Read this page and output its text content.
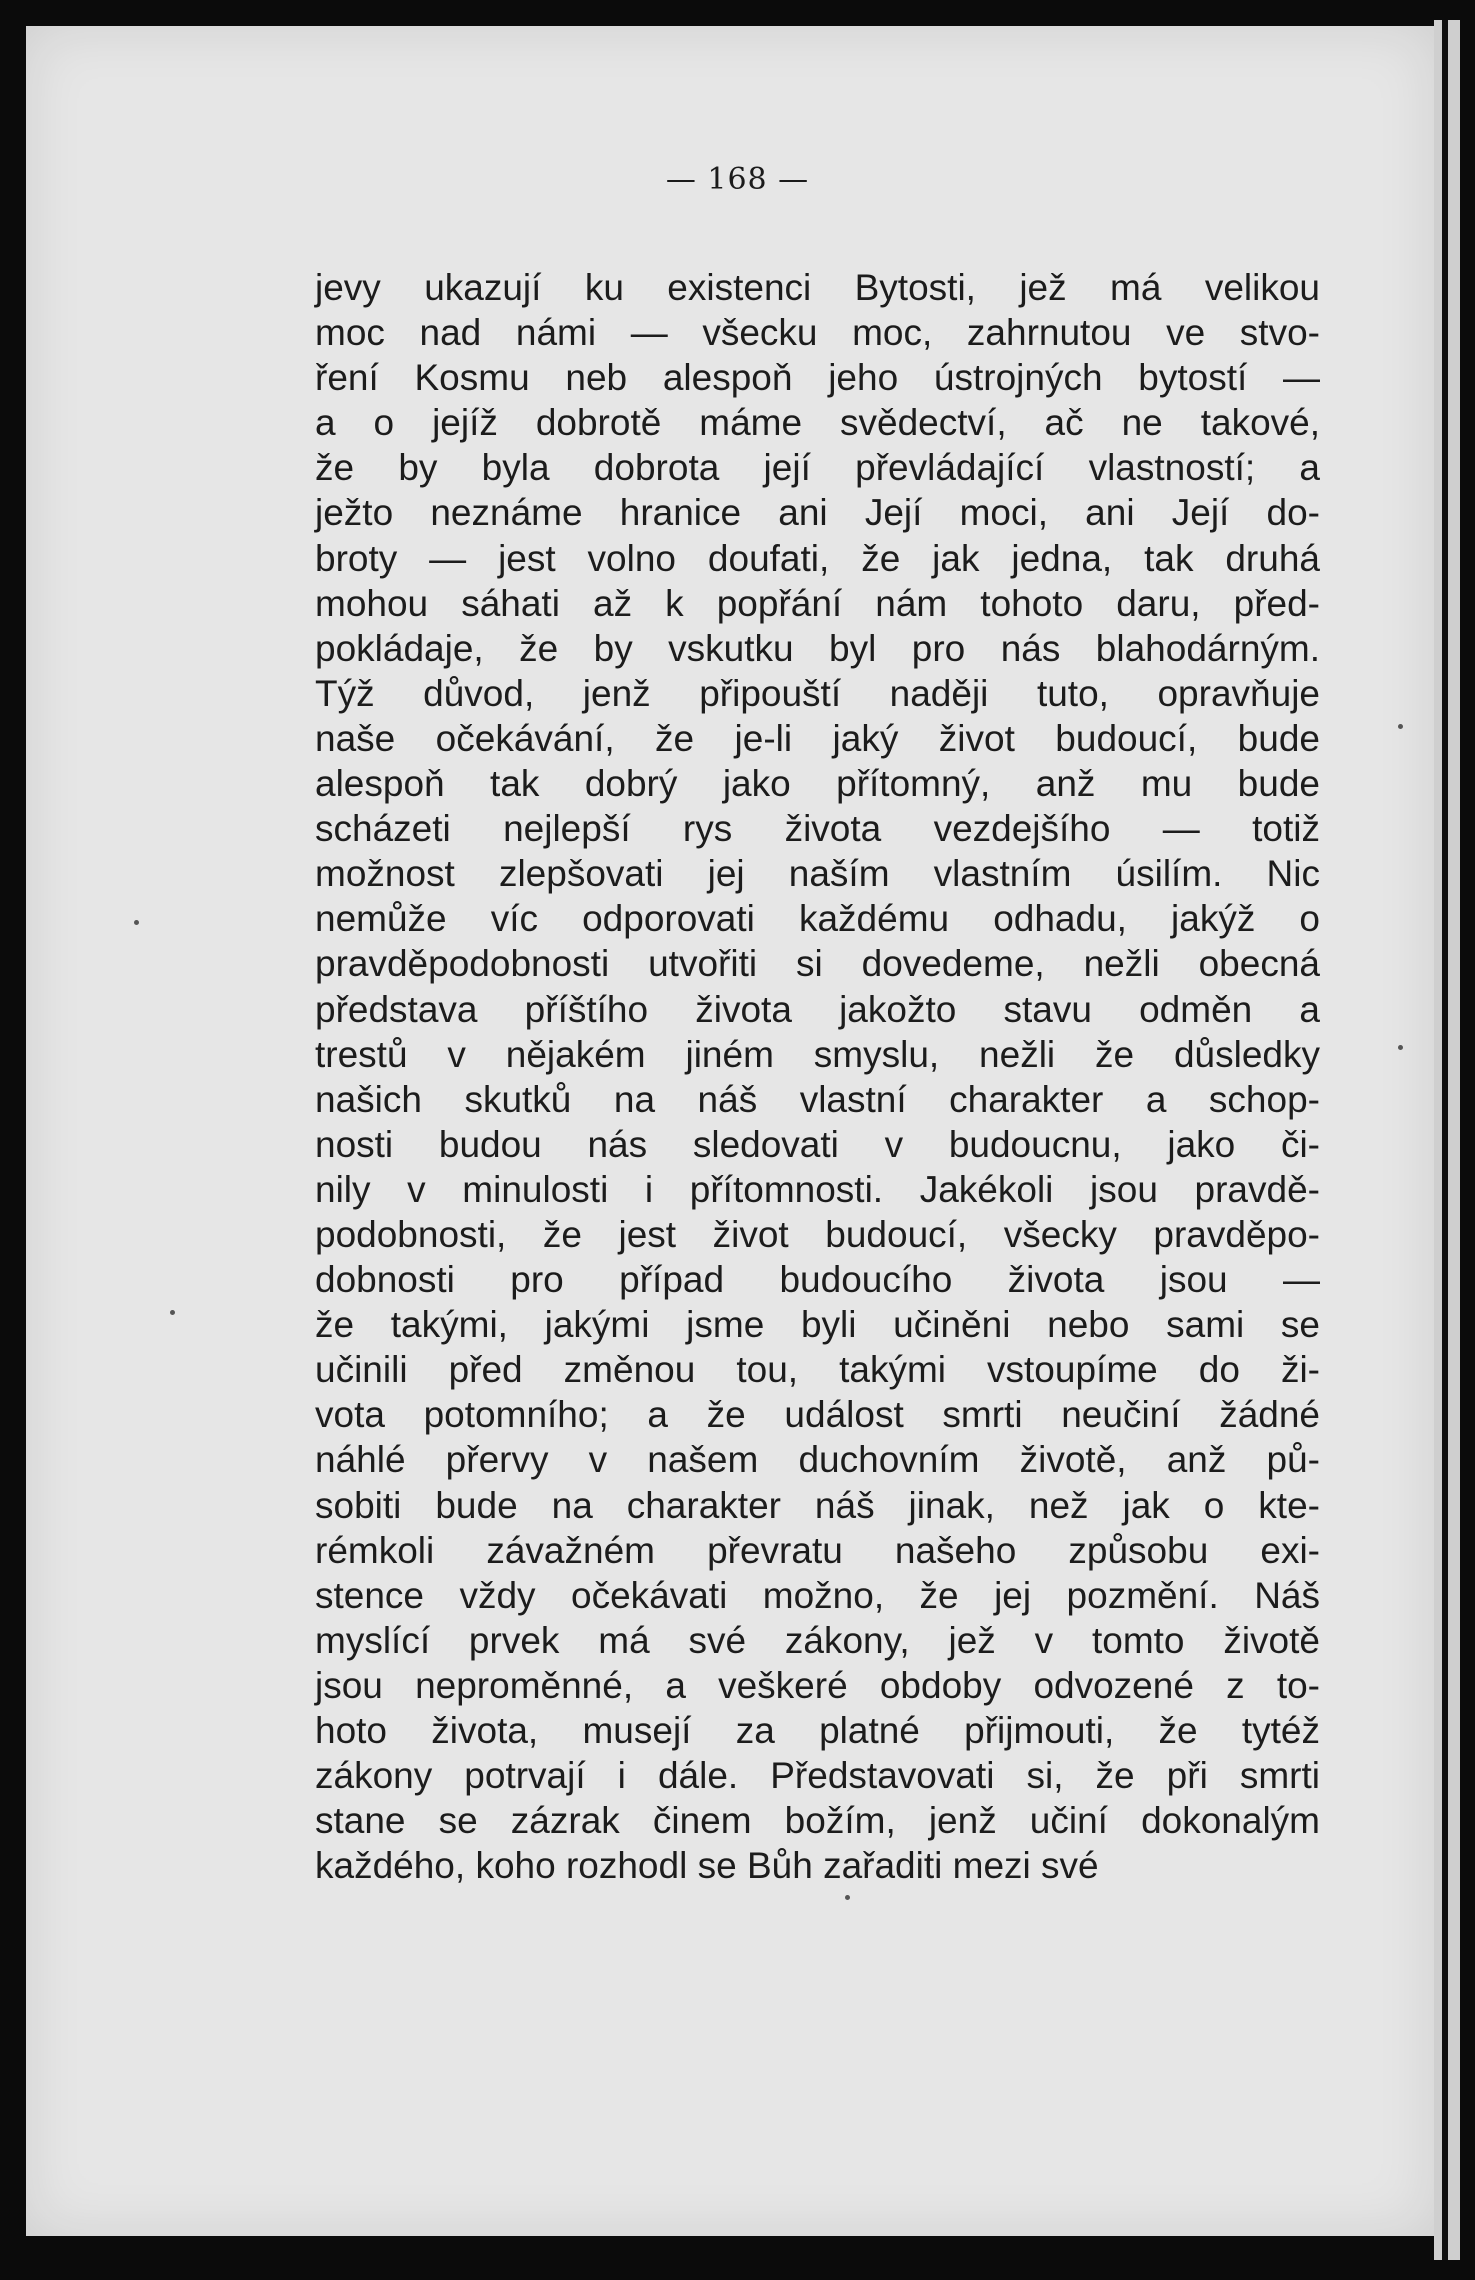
— 168 —
jevy ukazují ku existenci Bytosti, jež má velikou
moc nad námi — všecku moc, zahrnutou ve stvo-
ření Kosmu neb alespoň jeho ústrojných bytostí —
a o jejíž dobrotě máme svědectví, ač ne takové,
že by byla dobrota její převládající vlastností; a
ježto neznáme hranice ani Její moci, ani Její do-
broty — jest volno doufati, že jak jedna, tak druhá
mohou sáhati až k popřání nám tohoto daru, před-
pokládaje, že by vskutku byl pro nás blahodárným.
Týž důvod, jenž připouští naději tuto, opravňuje
naše očekávání, že je-li jaký život budoucí, bude
alespoň tak dobrý jako přítomný, anž mu bude
scházeti nejlepší rys života vezdejšího — totiž
možnost zlepšovati jej naším vlastním úsilím. Nic
nemůže víc odporovati každému odhadu, jakýž o
pravděpodobnosti utvořiti si dovedeme, nežli obecná
představa příštího života jakožto stavu odměn a
trestů v nějakém jiném smyslu, nežli že důsledky
našich skutků na náš vlastní charakter a schop-
nosti budou nás sledovati v budoucnu, jako či-
nily v minulosti i přítomnosti. Jakékoli jsou pravdě-
podobnosti, že jest život budoucí, všecky pravděpo-
dobnosti pro případ budoucího života jsou —
že takými, jakými jsme byli učiněni nebo sami se
učinili před změnou tou, takými vstoupíme do ži-
vota potomního; a že událost smrti neučiní žádné
náhlé přervy v našem duchovním životě, anž pů-
sobiti bude na charakter náš jinak, než jak o kte-
rémkoli závažném převratu našeho způsobu exi-
stence vždy očekávati možno, že jej pozmění. Náš
myslící prvek má své zákony, jež v tomto životě
jsou neproměnné, a veškeré obdoby odvozené z to-
hoto života, musejí za platné přijmouti, že tytéž
zákony potrvají i dále. Představovati si, že při smrti
stane se zázrak činem božím, jenž učiní dokonalým
každého, koho rozhodl se Bůh zařaditi mezi své
